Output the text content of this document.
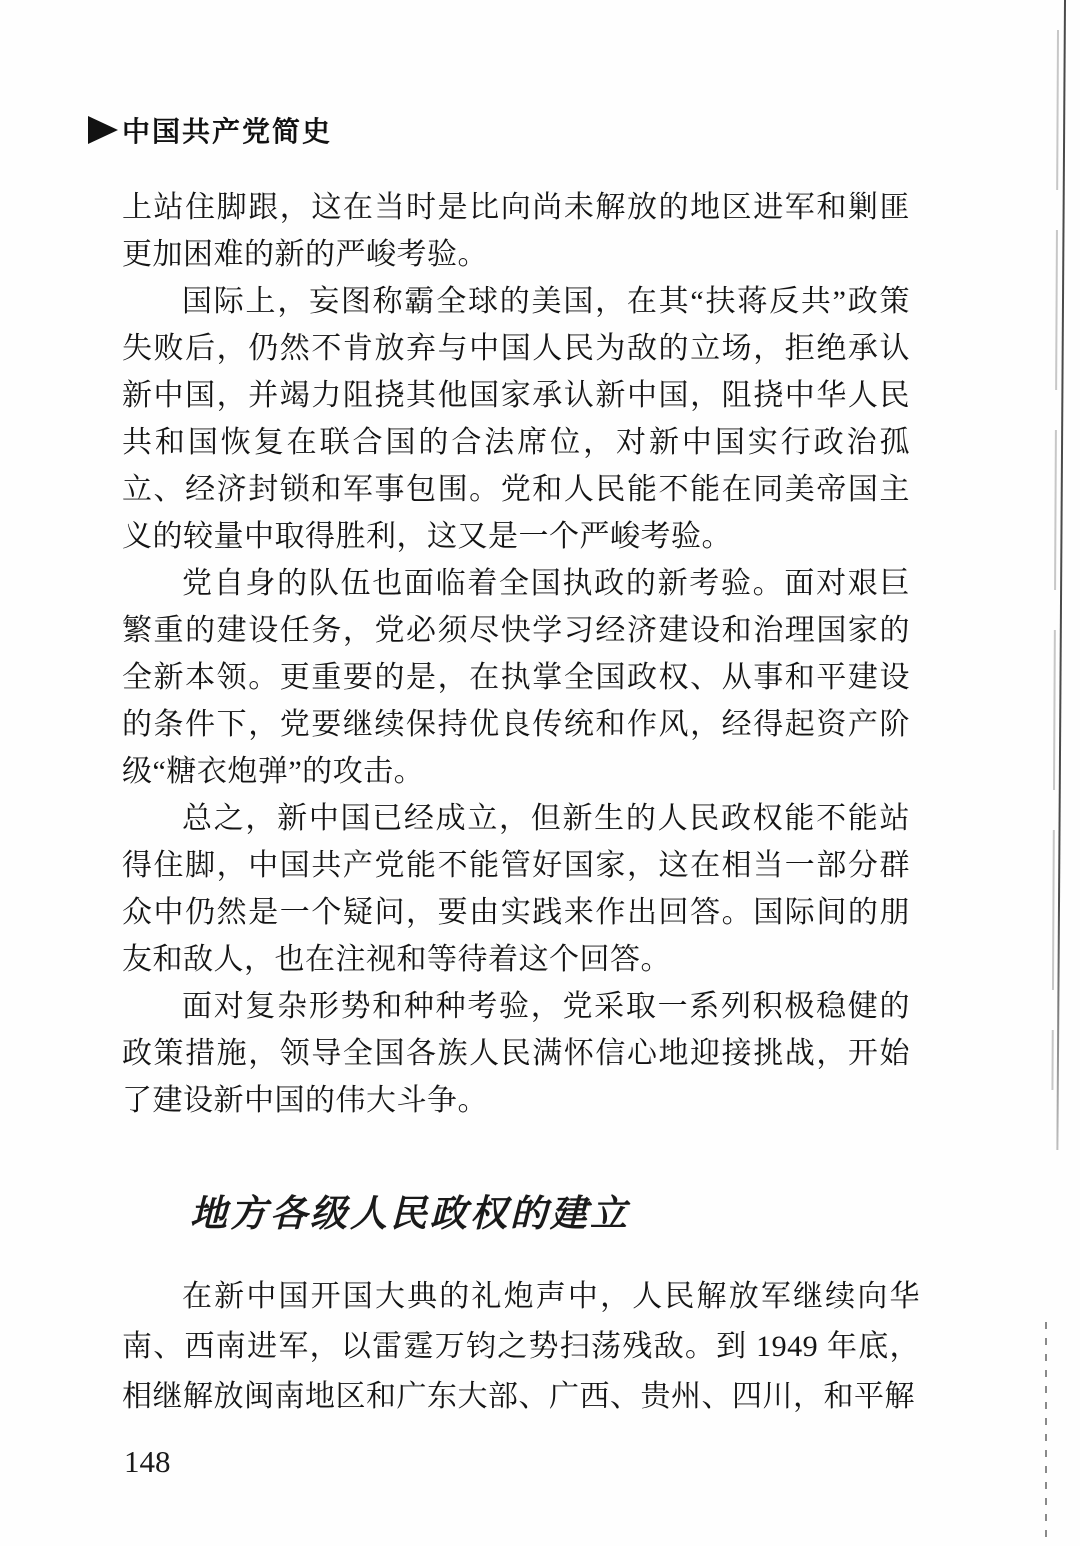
中国共产党简史

上站住脚跟，这在当时是比向尚未解放的地区进军和剿匪更加困难的新的严峻考验。

国际上，妄图称霸全球的美国，在其“扶蒋反共”政策失败后，仍然不肯放弃与中国人民为敌的立场，拒绝承认新中国，并竭力阻挠其他国家承认新中国，阻挠中华人民共和国恢复在联合国的合法席位，对新中国实行政治孤立、经济封锁和军事包围。党和人民能不能在同美帝国主义的较量中取得胜利，这又是一个严峻考验。

党自身的队伍也面临着全国执政的新考验。面对艰巨繁重的建设任务，党必须尽快学习经济建设和治理国家的全新本领。更重要的是，在执掌全国政权、从事和平建设的条件下，党要继续保持优良传统和作风，经得起资产阶级“糖衣炮弹”的攻击。

总之，新中国已经成立，但新生的人民政权能不能站得住脚，中国共产党能不能管好国家，这在相当一部分群众中仍然是一个疑问，要由实践来作出回答。国际间的朋友和敌人，也在注视和等待着这个回答。

面对复杂形势和种种考验，党采取一系列积极稳健的政策措施，领导全国各族人民满怀信心地迎接挑战，开始了建设新中国的伟大斗争。

地方各级人民政权的建立

在新中国开国大典的礼炮声中，人民解放军继续向华南、西南进军，以雷霆万钧之势扫荡残敌。到 1949 年底，相继解放闽南地区和广东大部、广西、贵州、四川，和平解

148
